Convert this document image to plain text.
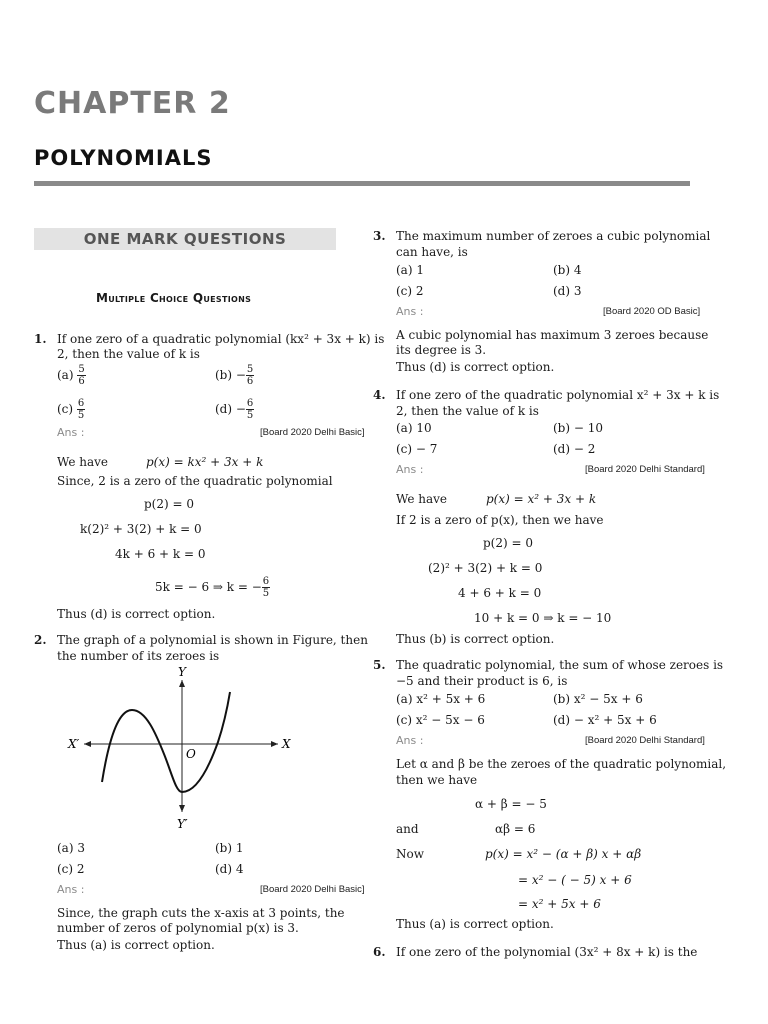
CHAPTER 2
POLYNOMIALS
ONE MARK QUESTIONS
Multiple Choice Questions
1. If one zero of a quadratic polynomial (kx² + 3x + k) is
2, then the value of k is
$(a) \frac{5}{6}$	$(b) - \frac{5}{6}$
$(c) \frac{6}{5}$	$(d) - \frac{6}{5}$
Ans :	[Board 2020 Delhi Basic]
We have	p(x) = kx² + 3x + k
Since, 2 is a zero of the quadratic polynomial
p(2) = 0
k(2)² + 3(2) + k = 0
4k + 6 + k = 0
5k = − 6 ⇒ k = − $\frac{6}{5}$
Thus (d) is correct option.
2. The graph of a polynomial is shown in Figure, then
the number of its zeroes is
Y
Y′
X
X′
O
(a) 3	(b) 1
(c) 2	(d) 4
Ans :	[Board 2020 Delhi Basic]
Since, the graph cuts the x-axis at 3 points, the
number of zeros of polynomial p(x) is 3.
Thus (a) is correct option.
3. The maximum number of zeroes a cubic polynomial
can have, is
(a) 1	(b) 4
(c) 2	(d) 3
Ans :	[Board 2020 OD Basic]
A cubic polynomial has maximum 3 zeroes because
its degree is 3.
Thus (d) is correct option.
4. If one zero of the quadratic polynomial x² + 3x + k is
2, then the value of k is
(a) 10	(b) − 10
(c) − 7	(d) − 2
Ans :	[Board 2020 Delhi Standard]
We have	p(x) = x² + 3x + k
If 2 is a zero of p(x), then we have
p(2) = 0
(2)² + 3(2) + k = 0
4 + 6 + k = 0
10 + k = 0 ⇒ k = − 10
Thus (b) is correct option.
5. The quadratic polynomial, the sum of whose zeroes is
−5 and their product is 6, is
(a) x² + 5x + 6	(b) x² − 5x + 6
(c) x² − 5x − 6	(d) − x² + 5x + 6
Ans :	[Board 2020 Delhi Standard]
Let α and β be the zeroes of the quadratic polynomial,
then we have
α + β = − 5
and	αβ = 6
Now	p(x) = x² − (α + β) x + αβ
= x² − ( − 5) x + 6
= x² + 5x + 6
Thus (a) is correct option.
6. If one zero of the polynomial (3x² + 8x + k) is the
